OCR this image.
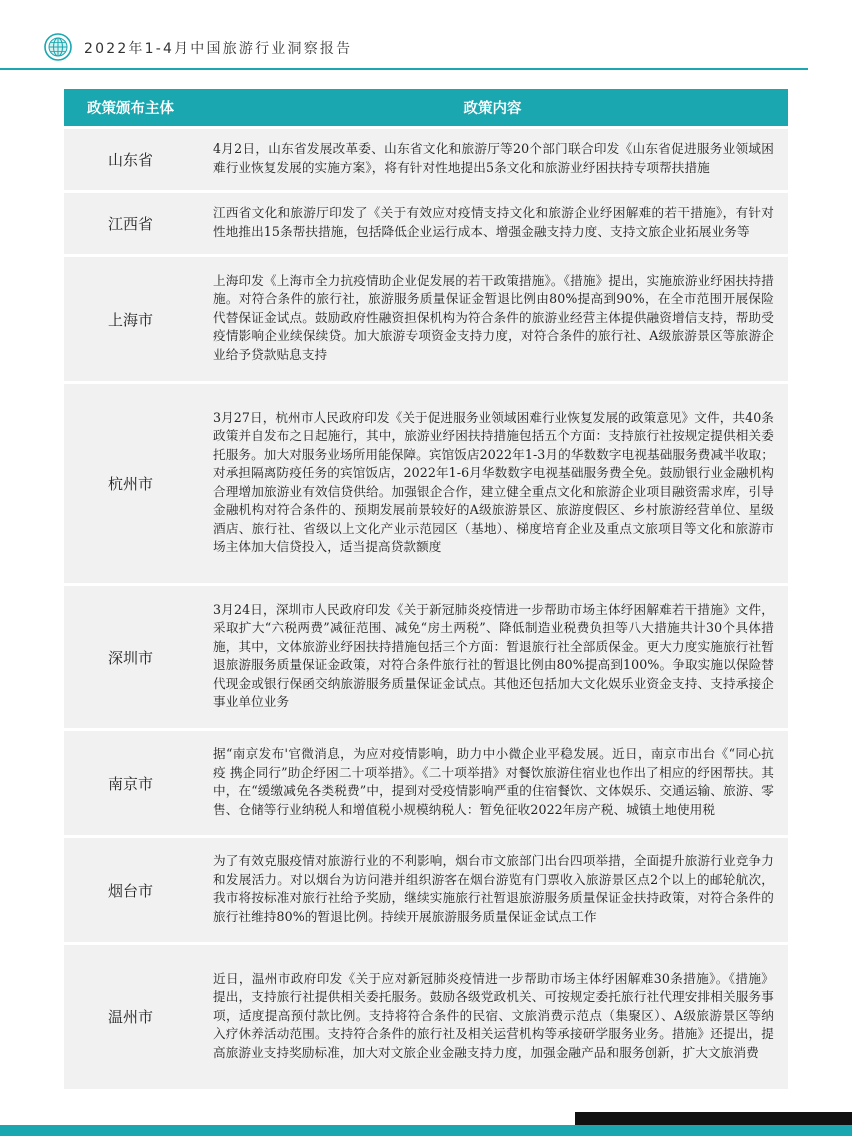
2022年1-4月中国旅游行业洞察报告
政策颁布主体	政策内容
山东省	4月2日，山东省发展改革委、山东省文化和旅游厅等20个部门联合印发《山东省促进服务业领域困难行业恢复发展的实施方案》，将有针对性地提出5条文化和旅游业纾困扶持专项帮扶措施
江西省	江西省文化和旅游厅印发了《关于有效应对疫情支持文化和旅游企业纾困解难的若干措施》，有针对性地推出15条帮扶措施，包括降低企业运行成本、增强金融支持力度、支持文旅企业拓展业务等
上海市	上海印发《上海市全力抗疫情助企业促发展的若干政策措施》。《措施》提出，实施旅游业纾困扶持措施。对符合条件的旅行社，旅游服务质量保证金暂退比例由80%提高到90%，在全市范围开展保险代替保证金试点。鼓励政府性融资担保机构为符合条件的旅游业经营主体提供融资增信支持，帮助受疫情影响企业续保续贷。加大旅游专项资金支持力度，对符合条件的旅行社、A级旅游景区等旅游企业给予贷款贴息支持
杭州市	3月27日，杭州市人民政府印发《关于促进服务业领域困难行业恢复发展的政策意见》文件，共40条政策并自发布之日起施行，其中，旅游业纾困扶持措施包括五个方面：支持旅行社按规定提供相关委托服务。加大对服务业场所用能保障。宾馆饭店2022年1-3月的华数数字电视基础服务费减半收取；对承担隔离防疫任务的宾馆饭店，2022年1-6月华数数字电视基础服务费全免。鼓励银行业金融机构合理增加旅游业有效信贷供给。加强银企合作，建立健全重点文化和旅游企业项目融资需求库，引导金融机构对符合条件的、预期发展前景较好的A级旅游景区、旅游度假区、乡村旅游经营单位、星级酒店、旅行社、省级以上文化产业示范园区（基地）、梯度培育企业及重点文旅项目等文化和旅游市场主体加大信贷投入，适当提高贷款额度
深圳市	3月24日，深圳市人民政府印发《关于新冠肺炎疫情进一步帮助市场主体纾困解难若干措施》文件，采取扩大“六税两费”减征范围、减免“房土两税”、降低制造业税费负担等八大措施共计30个具体措施，其中，文体旅游业纾困扶持措施包括三个方面：暂退旅行社全部质保金。更大力度实施旅行社暂退旅游服务质量保证金政策，对符合条件旅行社的暂退比例由80%提高到100%。争取实施以保险替代现金或银行保函交纳旅游服务质量保证金试点。其他还包括加大文化娱乐业资金支持、支持承接企事业单位业务
南京市	据“南京发布'官微消息，为应对疫情影响，助力中小微企业平稳发展。近日，南京市出台《“同心抗疫 携企同行”助企纾困二十项举措》。《二十项举措》对餐饮旅游住宿业也作出了相应的纾困帮扶。其中，在“缓缴减免各类税费”中，提到对受疫情影响严重的住宿餐饮、文体娱乐、交通运输、旅游、零售、仓储等行业纳税人和增值税小规模纳税人：暂免征收2022年房产税、城镇土地使用税
烟台市	为了有效克服疫情对旅游行业的不利影响，烟台市文旅部门出台四项举措，全面提升旅游行业竞争力和发展活力。对以烟台为访问港并组织游客在烟台游览有门票收入旅游景区点2个以上的邮轮航次，我市将按标准对旅行社给予奖励，继续实施旅行社暂退旅游服务质量保证金扶持政策，对符合条件的旅行社维持80%的暂退比例。持续开展旅游服务质量保证金试点工作
温州市	近日，温州市政府印发《关于应对新冠肺炎疫情进一步帮助市场主体纾困解难30条措施》。《措施》提出，支持旅行社提供相关委托服务。鼓励各级党政机关、可按规定委托旅行社代理安排相关服务事项，适度提高预付款比例。支持将符合条件的民宿、文旅消费示范点（集聚区）、A级旅游景区等纳入疗休养活动范围。支持符合条件的旅行社及相关运营机构等承接研学服务业务。措施》还提出，提高旅游业支持奖励标准，加大对文旅企业金融支持力度，加强金融产品和服务创新，扩大文旅消费
